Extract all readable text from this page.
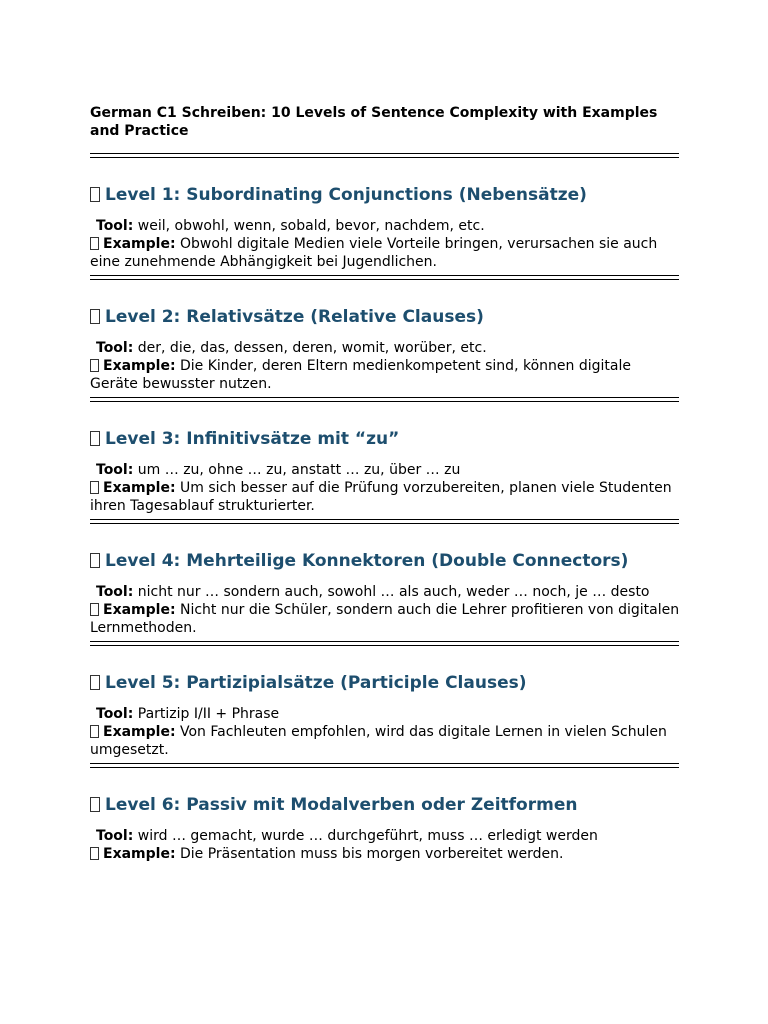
German C1 Schreiben: 10 Levels of Sentence Complexity with Examples and Practice
Level 1: Subordinating Conjunctions (Nebensätze)

Tool: weil, obwohl, wenn, sobald, bevor, nachdem, etc.

Example: Obwohl digitale Medien viele Vorteile bringen, verursachen sie auch eine zunehmende Abhängigkeit bei Jugendlichen.

Level 2: Relativsätze (Relative Clauses)

Tool: der, die, das, dessen, deren, womit, worüber, etc.

Example: Die Kinder, deren Eltern medienkompetent sind, können digitale Geräte bewusster nutzen.

Level 3: Infinitivsätze mit “zu”

Tool: um … zu, ohne … zu, anstatt … zu, über … zu

Example: Um sich besser auf die Prüfung vorzubereiten, planen viele Studenten ihren Tagesablauf strukturierter.

Level 4: Mehrteilige Konnektoren (Double Connectors)

Tool: nicht nur … sondern auch, sowohl … als auch, weder … noch, je … desto

Example: Nicht nur die Schüler, sondern auch die Lehrer profitieren von digitalen Lernmethoden.

Level 5: Partizipialsätze (Participle Clauses)

Tool: Partizip I/II + Phrase

Example: Von Fachleuten empfohlen, wird das digitale Lernen in vielen Schulen umgesetzt.

Level 6: Passiv mit Modalverben oder Zeitformen

Tool: wird … gemacht, wurde … durchgeführt, muss … erledigt werden

Example: Die Präsentation muss bis morgen vorbereitet werden.
